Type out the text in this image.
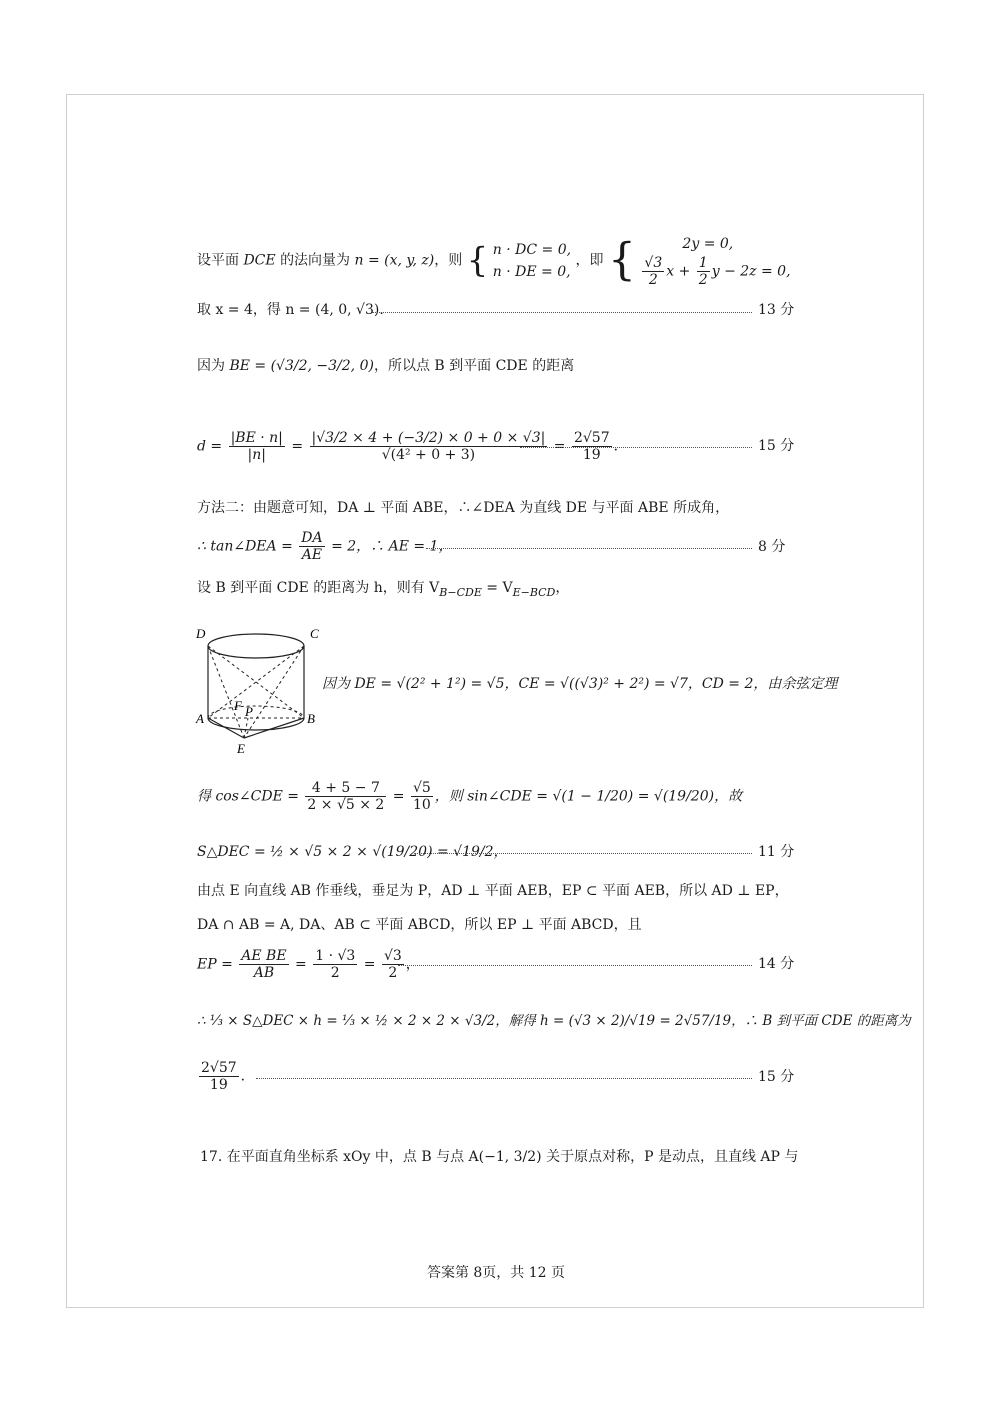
设平面 DCE 的法向量为 n = (x, y, z)，则 { n · DC = 0,
n · DE = 0,
，即 {	2y = 0,
$\frac{√3}{2}$ $x + \frac{1}{2}$ y − 2z = 0,
取 x = 4，得 n = (4, 0, √3)．	13 分
因为 BE = (√3/2, −3/2, 0)，所以点 B 到平面 CDE 的距离
$d = \frac{|BE \cdot n|}{|n|} = \frac{|√3/2 \times 4 + (-3/2) \times 0 + 0 \times √3|}{\text{√(4² + 0 + 3)}} = \frac{2√57}{19}$ ．	15 分
方法二：由题意可知，DA ⊥ 平面 ABE，∴∠DEA 为直线 DE 与平面 ABE 所成角，
∴ tan∠DEA = $\frac{DA}{AE} = 2$，∴ AE = 1，	8 分
设 B 到平面 CDE 的距离为 h，则有 $V_{B-CDE} = V_{E-BCD}$，
D	C
A	B
E
F P
因为 DE = √(2² + 1²) = √5，CE = √((√3)² + 2²) = √7，CD = 2，由余弦定理
得 cos∠CDE = $\frac{4 + 5 - 7}{2 \times √5 \times 2} = \frac{√5}{10}$ ，则 sin∠CDE = √(1 − 1/20) = √(19/20)，故
S△DEC = ½ × √5 × 2 × √(19/20) = √19/2，	11 分
由点 E 向直线 AB 作垂线，垂足为 P，AD ⊥ 平面 AEB，EP ⊂ 平面 AEB，所以 AD ⊥ EP，
DA ∩ AB = A, DA、AB ⊂ 平面 ABCD，所以 EP ⊥ 平面 ABCD，且
EP = $\frac{\text{AE BE}}{AB} = \frac{1 \cdot √3}{2} = \frac{√3}{2}$ ，	14 分
∴ ⅓ × S△DEC × h = ⅓ × ½ × 2 × 2 × √3/2，解得 h = (√3 × 2)/√19 = 2√57/19，∴ B 到平面 CDE 的距离为
$\frac{2√57}{19}$ ．	15 分
17. 在平面直角坐标系 xOy 中，点 B 与点 A(−1, 3/2) 关于原点对称，P 是动点，且直线 AP 与
答案第 8页，共 12 页
